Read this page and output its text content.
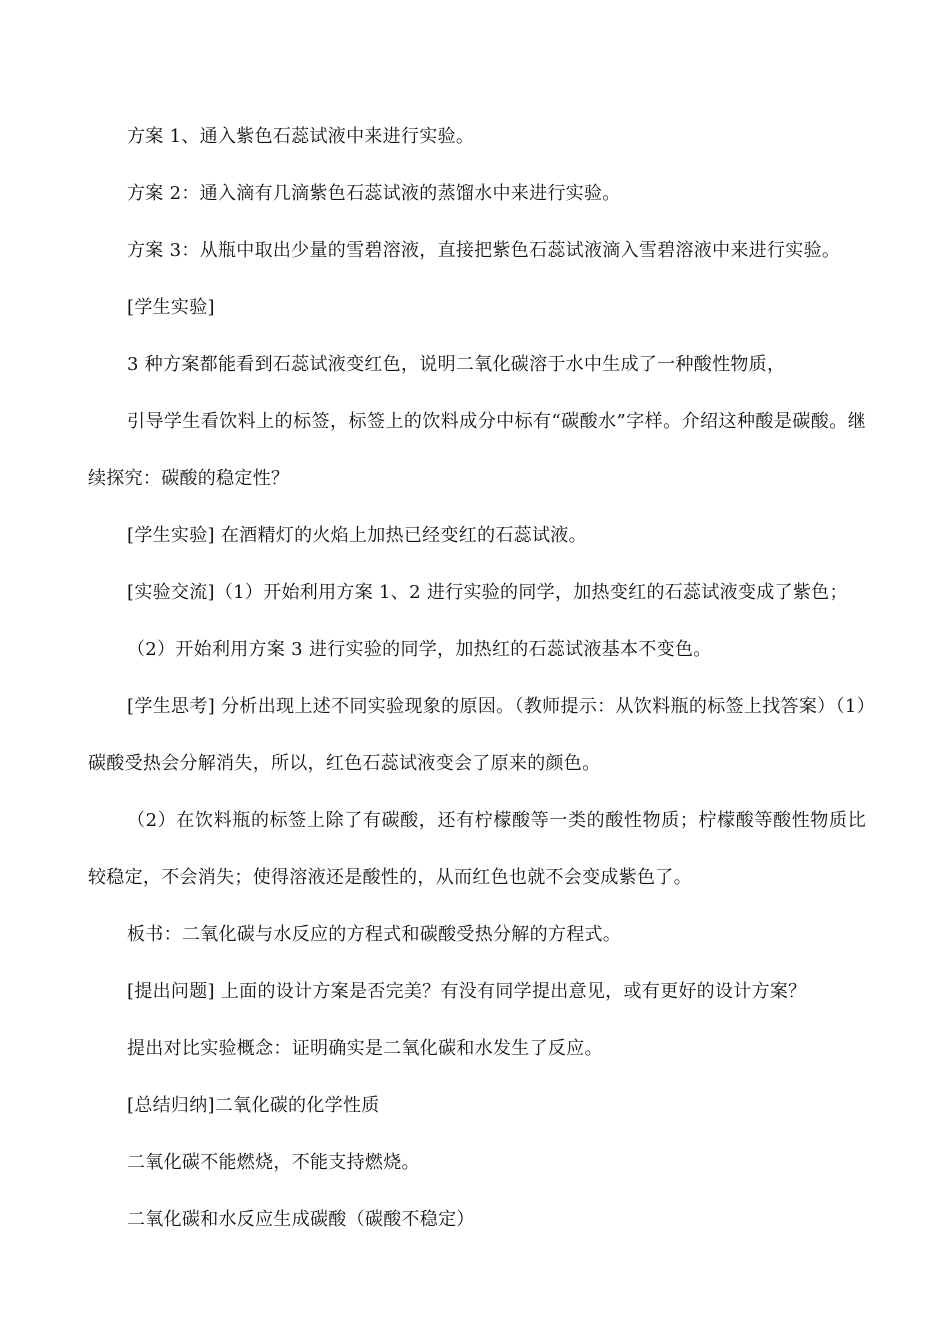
方案 1、通入紫色石蕊试液中来进行实验。

方案 2：通入滴有几滴紫色石蕊试液的蒸馏水中来进行实验。

方案 3：从瓶中取出少量的雪碧溶液，直接把紫色石蕊试液滴入雪碧溶液中来进行实验。

[学生实验]

3 种方案都能看到石蕊试液变红色，说明二氧化碳溶于水中生成了一种酸性物质，

引导学生看饮料上的标签，标签上的饮料成分中标有“碳酸水”字样。介绍这种酸是碳酸。继续探究：碳酸的稳定性？

[学生实验] 在酒精灯的火焰上加热已经变红的石蕊试液。

[实验交流]（1）开始利用方案 1、2 进行实验的同学，加热变红的石蕊试液变成了紫色；

（2）开始利用方案 3 进行实验的同学，加热红的石蕊试液基本不变色。

[学生思考] 分析出现上述不同实验现象的原因。（教师提示：从饮料瓶的标签上找答案）（1）碳酸受热会分解消失，所以，红色石蕊试液变会了原来的颜色。

（2）在饮料瓶的标签上除了有碳酸，还有柠檬酸等一类的酸性物质；柠檬酸等酸性物质比较稳定，不会消失；使得溶液还是酸性的，从而红色也就不会变成紫色了。

板书：二氧化碳与水反应的方程式和碳酸受热分解的方程式。

[提出问题] 上面的设计方案是否完美？有没有同学提出意见，或有更好的设计方案？

提出对比实验概念：证明确实是二氧化碳和水发生了反应。

[总结归纳]二氧化碳的化学性质

二氧化碳不能燃烧，不能支持燃烧。

二氧化碳和水反应生成碳酸（碳酸不稳定）
